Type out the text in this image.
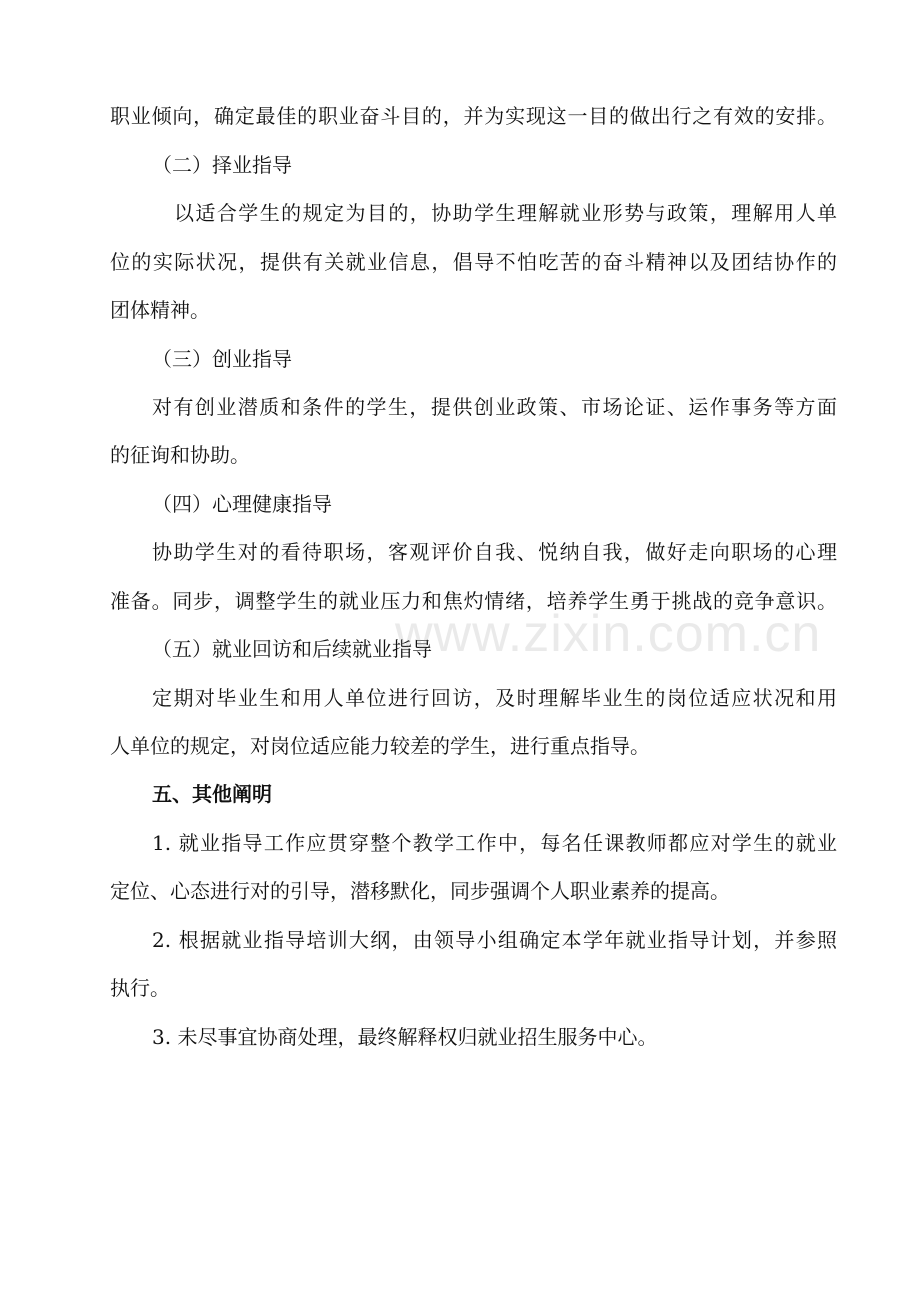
职业倾向，确定最佳的职业奋斗目的，并为实现这一目的做出行之有效的安排。
（二）择业指导
以适合学生的规定为目的，协助学生理解就业形势与政策，理解用人单
位的实际状况，提供有关就业信息，倡导不怕吃苦的奋斗精神以及团结协作的
团体精神。
（三）创业指导
对有创业潜质和条件的学生，提供创业政策、市场论证、运作事务等方面
的征询和协助。
（四）心理健康指导
协助学生对的看待职场，客观评价自我、悦纳自我，做好走向职场的心理
准备。同步，调整学生的就业压力和焦灼情绪，培养学生勇于挑战的竞争意识。
（五）就业回访和后续就业指导
定期对毕业生和用人单位进行回访，及时理解毕业生的岗位适应状况和用
人单位的规定，对岗位适应能力较差的学生，进行重点指导。
五、其他阐明
1. 就业指导工作应贯穿整个教学工作中，每名任课教师都应对学生的就业
定位、心态进行对的引导，潜移默化，同步强调个人职业素养的提高。
2. 根据就业指导培训大纲，由领导小组确定本学年就业指导计划，并参照
执行。
3. 未尽事宜协商处理，最终解释权归就业招生服务中心。
www.zixin.com.cn
